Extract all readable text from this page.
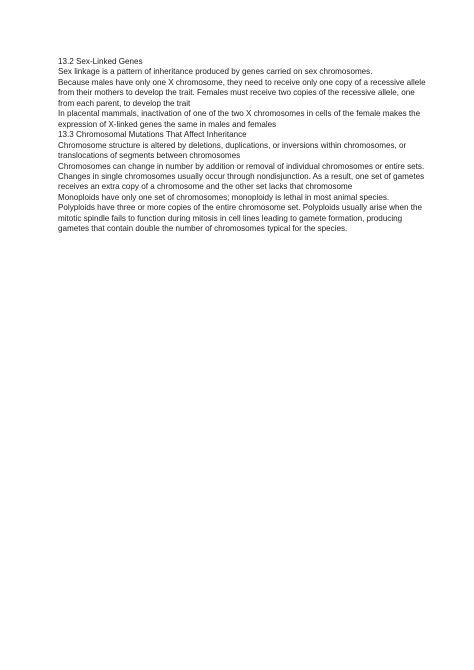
13.2 Sex-Linked Genes

Sex linkage is a pattern of inheritance produced by genes carried on sex chromosomes.

Because males have only one X chromosome, they need to receive only one copy of a recessive allele from their mothers to develop the trait. Females must receive two copies of the recessive allele, one from each parent, to develop the trait

In placental mammals, inactivation of one of the two X chromosomes in cells of the female makes the expression of X-linked genes the same in males and females

13.3 Chromosomal Mutations That Affect Inheritance

Chromosome structure is altered by deletions, duplications, or inversions within chromosomes, or translocations of segments between chromosomes

Chromosomes can change in number by addition or removal of individual chromosomes or entire sets. Changes in single chromosomes usually occur through nondisjunction. As a result, one set of gametes receives an extra copy of a chromosome and the other set lacks that chromosome

Monoploids have only one set of chromosomes; monoploidy is lethal in most animal species. Polyploids have three or more copies of the entire chromosome set. Polyploids usually arise when the mitotic spindle fails to function during mitosis in cell lines leading to gamete formation, producing gametes that contain double the number of chromosomes typical for the species.
